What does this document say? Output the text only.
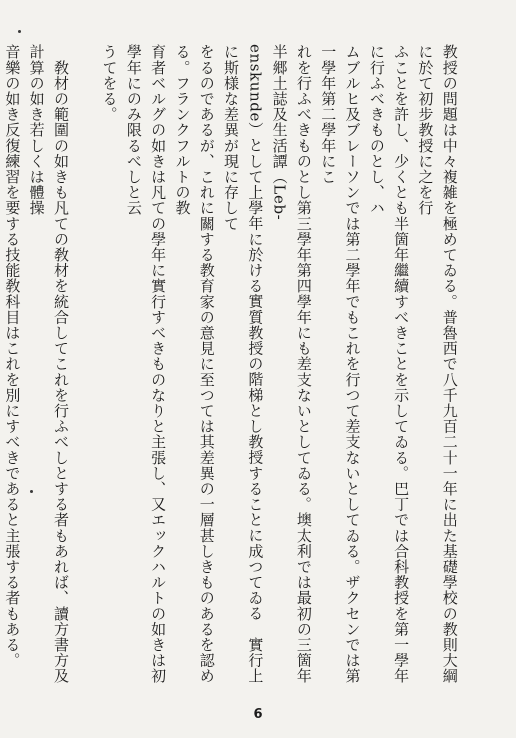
教授の問題は中々複雑を極めてゐる。普魯西で八千九百二十一年に出た基礎學校の教則大綱に於て初步教授に之を行
ふことを許し、少くとも半箇年繼續すべきことを示してゐる。巴丁では合科教授を第一學年に行ふべきものとし、ハ
ムブルヒ及ブレーソンでは第二學年でもこれを行つて差支ないとしてゐる。ザクセンでは第一學年第二學年にこ
れを行ふべきものとし第三學年第四學年にも差支ないとしてゐる。墺太利では最初の三箇年半郷土誌及生活譚（Leb-
enskunde）として上學年に於ける實質教授の階梯とし教授することに成つてゐる　實行上に斯様な差異が現に存して
をるのであるが、これに關する教育家の意見に至つては其差異の一層甚しきものあるを認める。フランクフルトの教
育者ベルグの如きは凡ての學年に實行すべきものなりと主張し、又エックハルトの如きは初學年にのみ限るべしと云
うてをる。

　敎材の範圍の如きも凡ての敎材を統合してこれを行ふべしとする者もあれば、讀方書方及計算の如き若しくは體操
音樂の如き反復練習を要する技能敎科目はこれを別にすべきであると主張する者もある。

6
